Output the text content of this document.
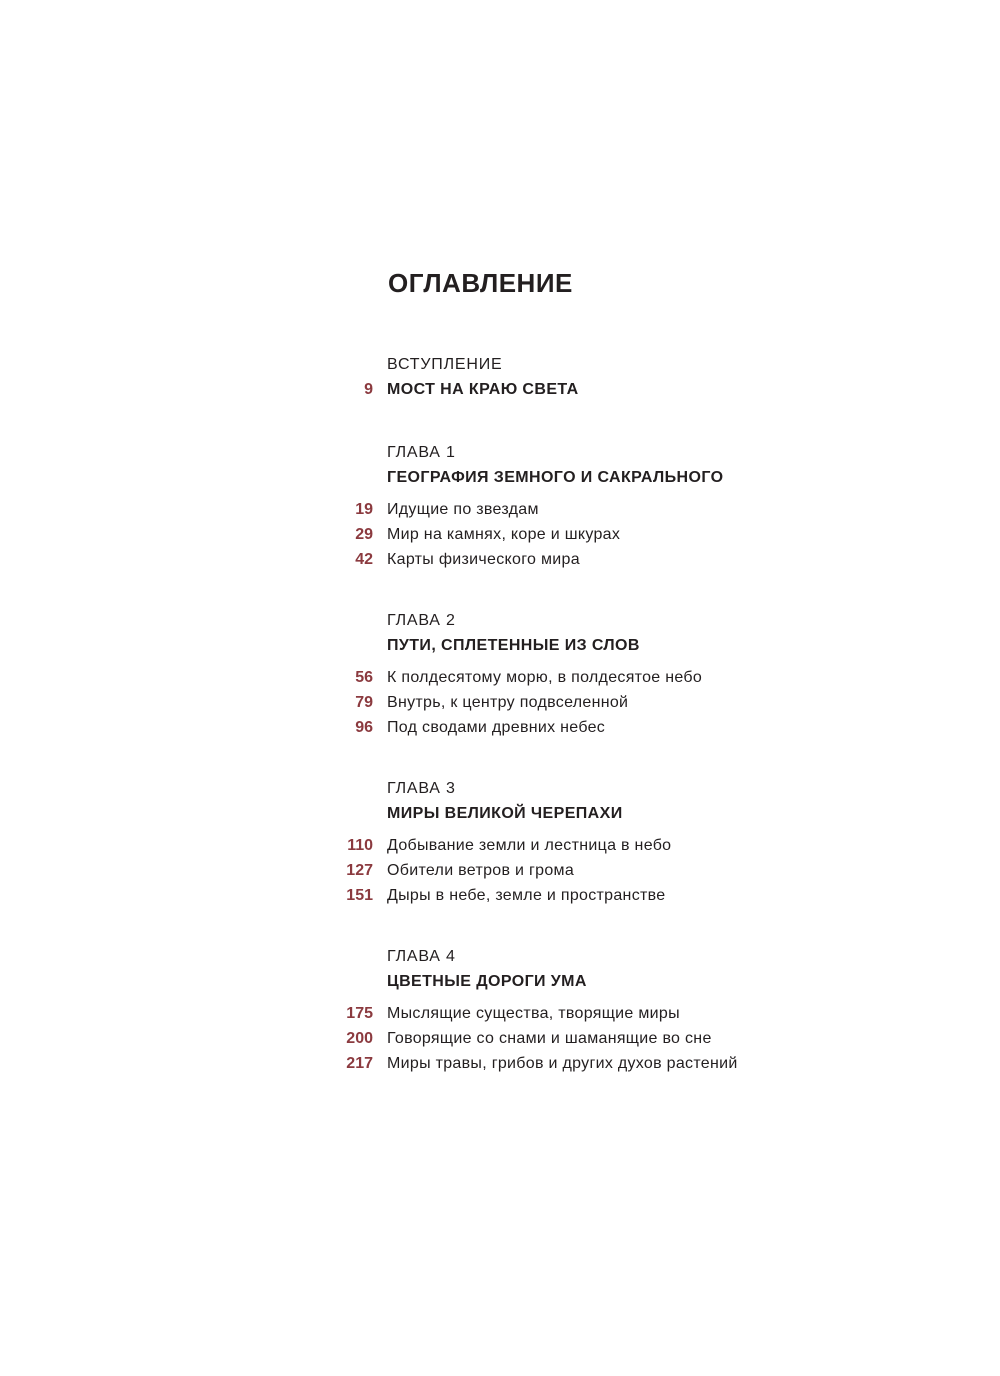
ОГЛАВЛЕНИЕ
ВСТУПЛЕНИЕ
9 МОСТ НА КРАЮ СВЕТА
ГЛАВА 1
ГЕОГРАФИЯ ЗЕМНОГО И САКРАЛЬНОГО
19 Идущие по звездам
29 Мир на камнях, коре и шкурах
42 Карты физического мира
ГЛАВА 2
ПУТИ, СПЛЕТЕННЫЕ ИЗ СЛОВ
56 К полдесятому морю, в полдесятое небо
79 Внутрь, к центру подвселенной
96 Под сводами древних небес
ГЛАВА 3
МИРЫ ВЕЛИКОЙ ЧЕРЕПАХИ
110 Добывание земли и лестница в небо
127 Обители ветров и грома
151 Дыры в небе, земле и пространстве
ГЛАВА 4
ЦВЕТНЫЕ ДОРОГИ УМА
175 Мыслящие существа, творящие миры
200 Говорящие со снами и шаманящие во сне
217 Миры травы, грибов и других духов растений
